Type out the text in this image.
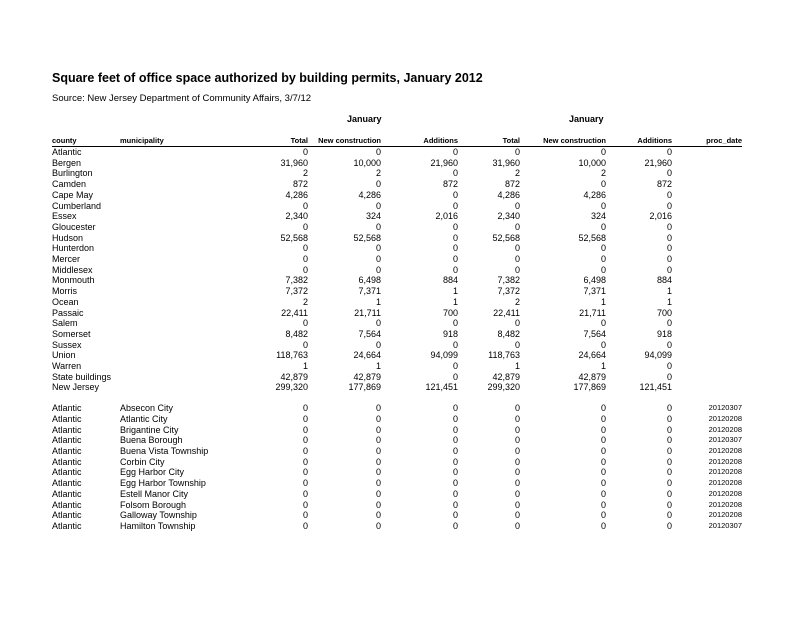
Square feet of office space authorized by building permits, January 2012
Source: New Jersey Department of Community Affairs, 3/7/12
January	January
county	municipality	Total	New construction	Additions	Total	New construction	Additions	proc_date
Atlantic		0	0	0	0	0	0	
Bergen		31,960	10,000	21,960	31,960	10,000	21,960	
Burlington		2	2	0	2	2	0	
Camden		872	0	872	872	0	872	
Cape May		4,286	4,286	0	4,286	4,286	0	
Cumberland		0	0	0	0	0	0	
Essex		2,340	324	2,016	2,340	324	2,016	
Gloucester		0	0	0	0	0	0	
Hudson		52,568	52,568	0	52,568	52,568	0	
Hunterdon		0	0	0	0	0	0	
Mercer		0	0	0	0	0	0	
Middlesex		0	0	0	0	0	0	
Monmouth		7,382	6,498	884	7,382	6,498	884	
Morris		7,372	7,371	1	7,372	7,371	1	
Ocean		2	1	1	2	1	1	
Passaic		22,411	21,711	700	22,411	21,711	700	
Salem		0	0	0	0	0	0	
Somerset		8,482	7,564	918	8,482	7,564	918	
Sussex		0	0	0	0	0	0	
Union		118,763	24,664	94,099	118,763	24,664	94,099	
Warren		1	1	0	1	1	0	
State buildings		42,879	42,879	0	42,879	42,879	0	
New Jersey		299,320	177,869	121,451	299,320	177,869	121,451	

Atlantic	Absecon City	0	0	0	0	0	0	20120307
Atlantic	Atlantic City	0	0	0	0	0	0	20120208
Atlantic	Brigantine City	0	0	0	0	0	0	20120208
Atlantic	Buena Borough	0	0	0	0	0	0	20120307
Atlantic	Buena Vista Township	0	0	0	0	0	0	20120208
Atlantic	Corbin City	0	0	0	0	0	0	20120208
Atlantic	Egg Harbor City	0	0	0	0	0	0	20120208
Atlantic	Egg Harbor Township	0	0	0	0	0	0	20120208
Atlantic	Estell Manor City	0	0	0	0	0	0	20120208
Atlantic	Folsom Borough	0	0	0	0	0	0	20120208
Atlantic	Galloway Township	0	0	0	0	0	0	20120208
Atlantic	Hamilton Township	0	0	0	0	0	0	20120307
